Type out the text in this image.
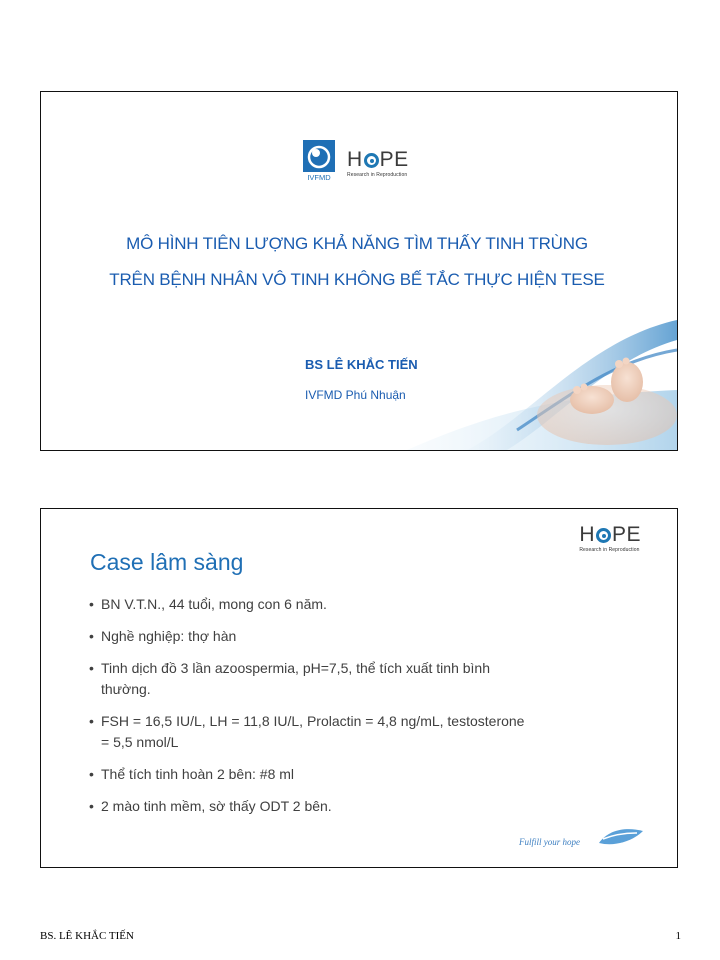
IVFMD
H PE
Research in Reproduction
MÔ HÌNH TIÊN LƯỢNG KHẢ NĂNG TÌM THẤY TINH TRÙNG
TRÊN BỆNH NHÂN VÔ TINH KHÔNG BẾ TẮC THỰC HIỆN TESE
BS LÊ KHẮC TIẾN
IVFMD Phú Nhuận
H PE
Research in Reproduction
Case lâm sàng
• BN V.T.N., 44 tuổi, mong con 6 năm.
• Nghề nghiệp: thợ hàn
• Tinh dịch đồ 3 lần azoospermia, pH=7,5, thể tích xuất tinh bình thường.
• FSH = 16,5 IU/L, LH = 11,8 IU/L, Prolactin = 4,8 ng/mL, testosterone = 5,5 nmol/L
• Thể tích tinh hoàn 2 bên: #8 ml
• 2 mào tinh mềm, sờ thấy ODT 2 bên.
Fulfill your hope
BS. LÊ KHẮC TIẾN	1
